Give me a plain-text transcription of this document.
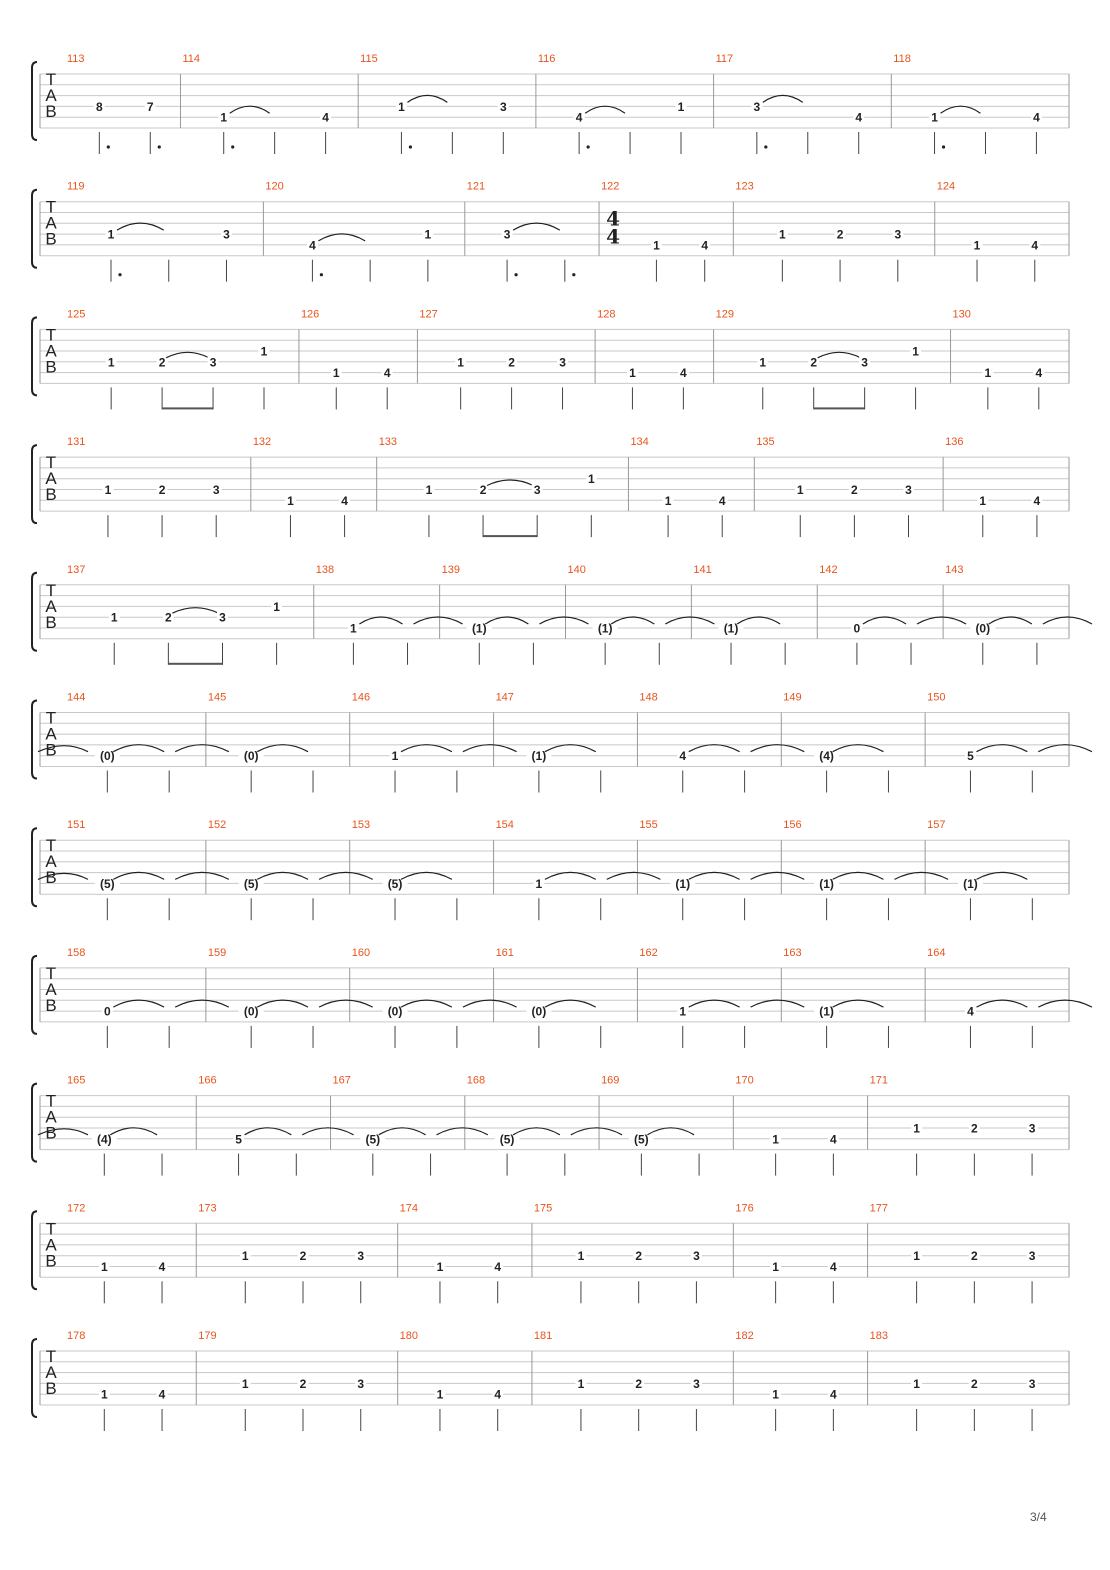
T
A
B
113
8	7
114
1	4
115
1	3
116
4
1
117
3
4
118
1	4
T
A
B
119
1	3
120
4
1
121
3
122
4
4	1	4
123
1	2	3
124
1	4
T
A
B
125
1	2	3
1
126
1	4
127
1	2	3
128
1	4
129
1	2	3
1
130
1	4
T
A
B
131
1	2	3
132
1	4
133
1	2	3
1
134
1	4
135
1	2	3
136
1	4
T
A
B
137
1	2	3
1
138
1
139
(1)
140
(1)
141
(1)
142
0
143
(0)
T
A
B
144
(0)
145
(0)
146
1
147
(1)
148
4
149
(4)
150
5
T
A
B
151
(5)
152
(5)
153
(5)
154
1
155
(1)
156
(1)
157
(1)
T
A
B
158
0
159
(0)
160
(0)
161
(0)
162
1
163
(1)
164
4
T
A
B
165
(4)
166
5
167
(5)
168
(5)
169
(5)
170
1	4
171
1	2	3
T
A
B
172
1	4
173
1	2	3
174
1	4
175
1	2	3
176
1	4
177
1	2	3
T
A
B
178
1	4
179
1	2	3
180
1	4
181
1	2	3
182
1	4
183
1	2	3
3/4
